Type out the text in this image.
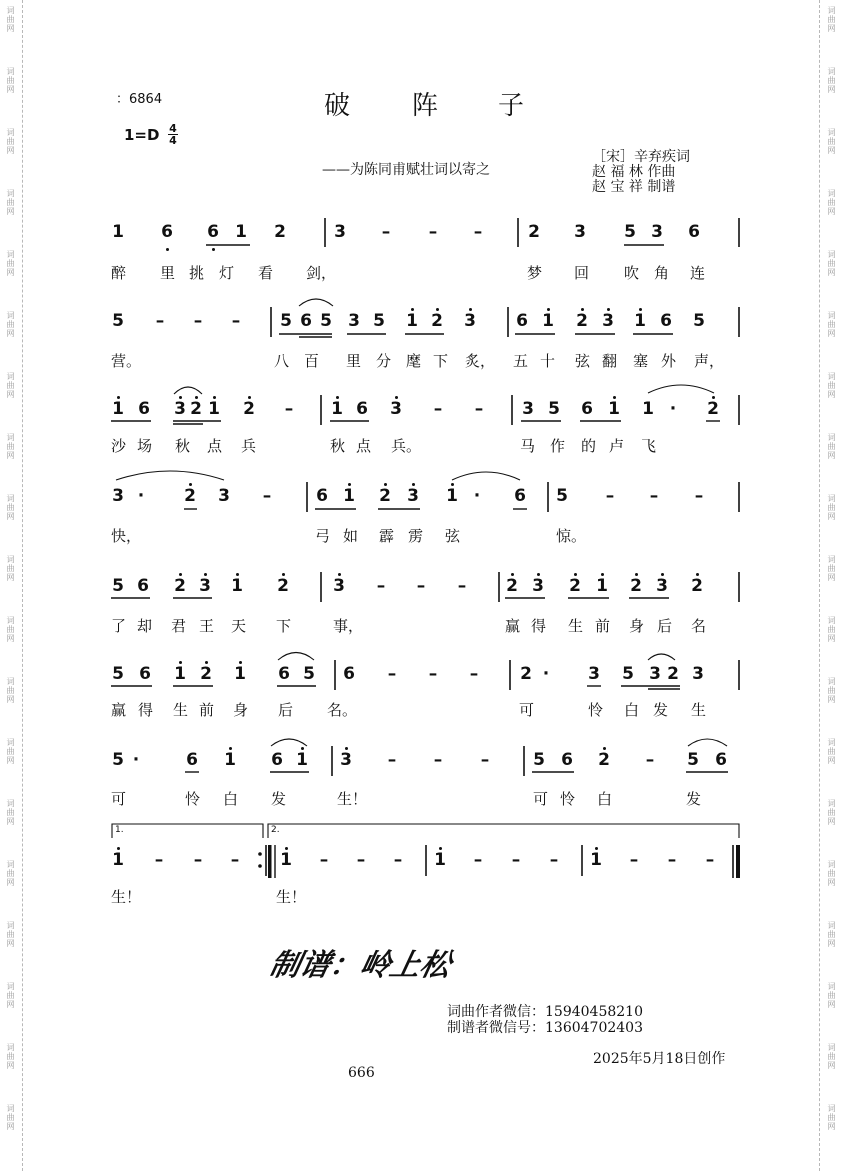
词曲网
词曲网
词曲网
词曲网
词曲网
词曲网
词曲网
词曲网
词曲网
词曲网
词曲网
词曲网
词曲网
词曲网
词曲网
词曲网
词曲网
词曲网
词曲网
词曲网
词曲网
词曲网
词曲网
词曲网
词曲网
词曲网
词曲网
词曲网
词曲网
词曲网
词曲网
词曲网
词曲网
词曲网
词曲网
词曲网
词曲网
词曲网
：6864
1=D 4
4
破 阵 子
——为陈同甫赋壮词以寄之
［宋］辛弃疾词
赵 福 林 作曲
赵 宝 祥 制谱
1 6 6 1 2	3 – – –	2 3 5 3 6
醉 里 挑 灯 看 剑，	梦 回 吹 角 连
5 – – – 5 6 5 3 5 1 2 3 6 1 2 3 1 6 5
营。	八 百 里 分 麾 下 炙， 五 十 弦 翻 塞 外 声，
1 6 3 2 1 2 – 1 6 3 – – 3 5 6 1 1 · 2
沙 场 秋 点 兵	秋 点 兵。	马 作 的 卢 飞
3 · 2 3 –	6 1 2 3 1 · 6 5 – – –
快，	弓 如 霹 雳 弦	惊。
5 6 2 3 1 2	3 – – – 2 3 2 1 2 3 2
了 却 君 王 天 下	事，	赢 得 生 前 身 后 名
5 6 1 2 1 6 5 6 – – – 2 · 3 5 3 2 3
赢 得 生 前 身 后 名。	可	怜 白 发 生
5 ·	6 1 6 1 3 – – –	5 6 2 – 5 6
可	怜 白 发	生！	可 怜 白	发
1 – – – 1 – – – 1 – – – 1 – – –
生！	生！
1.	2.
制谱：岭上松
词曲作者微信：15940458210
制谱者微信号：13604702403
2025年5月18日创作
666
